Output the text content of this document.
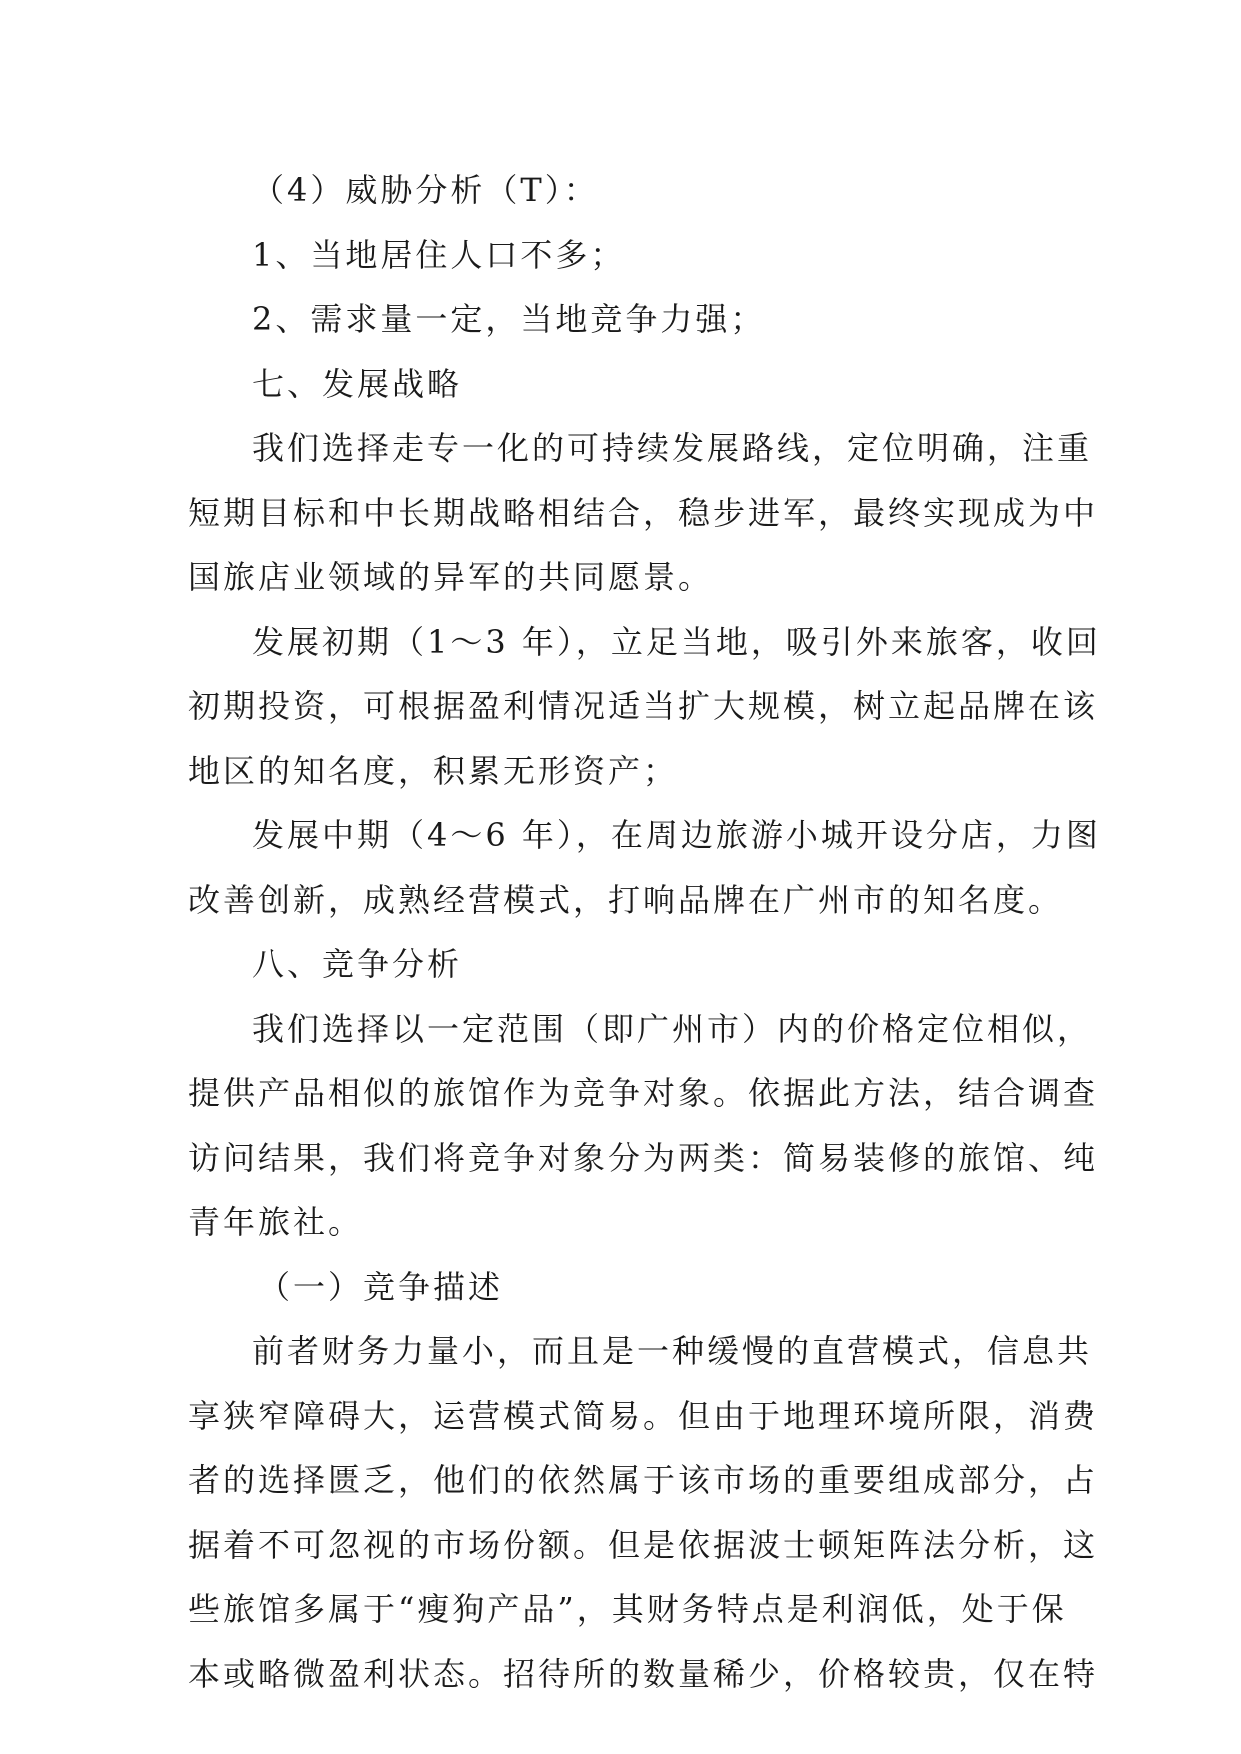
（4）威胁分析（T）：
1、当地居住人口不多；
2、需求量一定，当地竞争力强；
七、发展战略
我们选择走专一化的可持续发展路线，定位明确，注重
短期目标和中长期战略相结合，稳步进军，最终实现成为中
国旅店业领域的异军的共同愿景。
发展初期（1～3 年），立足当地，吸引外来旅客，收回
初期投资，可根据盈利情况适当扩大规模，树立起品牌在该
地区的知名度，积累无形资产；
发展中期（4～6 年），在周边旅游小城开设分店，力图
改善创新，成熟经营模式，打响品牌在广州市的知名度。
八、竞争分析
我们选择以一定范围（即广州市）内的价格定位相似，
提供产品相似的旅馆作为竞争对象。依据此方法，结合调查
访问结果，我们将竞争对象分为两类：简易装修的旅馆、纯
青年旅社。
（一）竞争描述
前者财务力量小，而且是一种缓慢的直营模式，信息共
享狭窄障碍大，运营模式简易。但由于地理环境所限，消费
者的选择匮乏，他们的依然属于该市场的重要组成部分，占
据着不可忽视的市场份额。但是依据波士顿矩阵法分析，这
些旅馆多属于“瘦狗产品”，其财务特点是利润低，处于保
本或略微盈利状态。招待所的数量稀少，价格较贵，仅在特
